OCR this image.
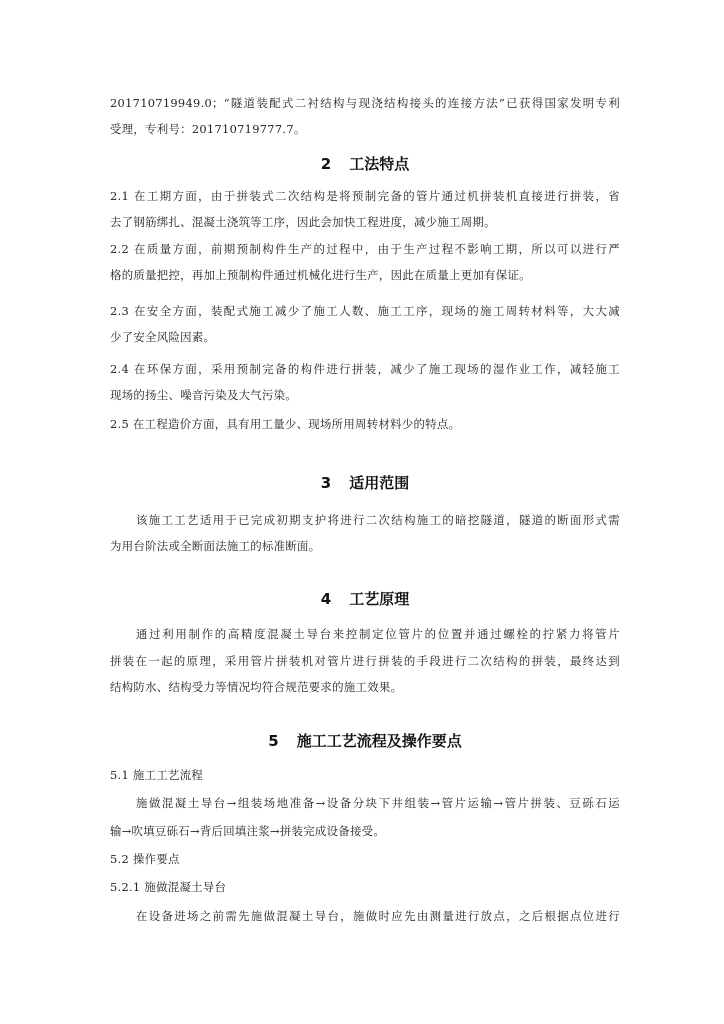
201710719949.0；“隧道装配式二衬结构与现浇结构接头的连接方法”已获得国家发明专利
受理，专利号：201710719777.7。
2 工法特点
2.1 在工期方面，由于拼装式二次结构是将预制完备的管片通过机拼装机直接进行拼装，省
去了钢筋绑扎、混凝土浇筑等工序，因此会加快工程进度，减少施工周期。
2.2 在质量方面，前期预制构件生产的过程中，由于生产过程不影响工期，所以可以进行严
格的质量把控，再加上预制构件通过机械化进行生产，因此在质量上更加有保证。
2.3 在安全方面，装配式施工减少了施工人数、施工工序，现场的施工周转材料等，大大减
少了安全风险因素。
2.4 在环保方面，采用预制完备的构件进行拼装，减少了施工现场的湿作业工作，减轻施工
现场的扬尘、噪音污染及大气污染。
2.5 在工程造价方面，具有用工量少、现场所用周转材料少的特点。
3 适用范围
该施工工艺适用于已完成初期支护将进行二次结构施工的暗挖隧道，隧道的断面形式需
为用台阶法或全断面法施工的标准断面。
4 工艺原理
通过利用制作的高精度混凝土导台来控制定位管片的位置并通过螺栓的拧紧力将管片
拼装在一起的原理，采用管片拼装机对管片进行拼装的手段进行二次结构的拼装，最终达到
结构防水、结构受力等情况均符合规范要求的施工效果。
5 施工工艺流程及操作要点
5.1 施工工艺流程
施做混凝土导台→组装场地准备→设备分块下井组装→管片运输→管片拼装、豆砾石运
输→吹填豆砾石→背后回填注浆→拼装完成设备接受。
5.2 操作要点
5.2.1 施做混凝土导台
在设备进场之前需先施做混凝土导台，施做时应先由测量进行放点，之后根据点位进行
